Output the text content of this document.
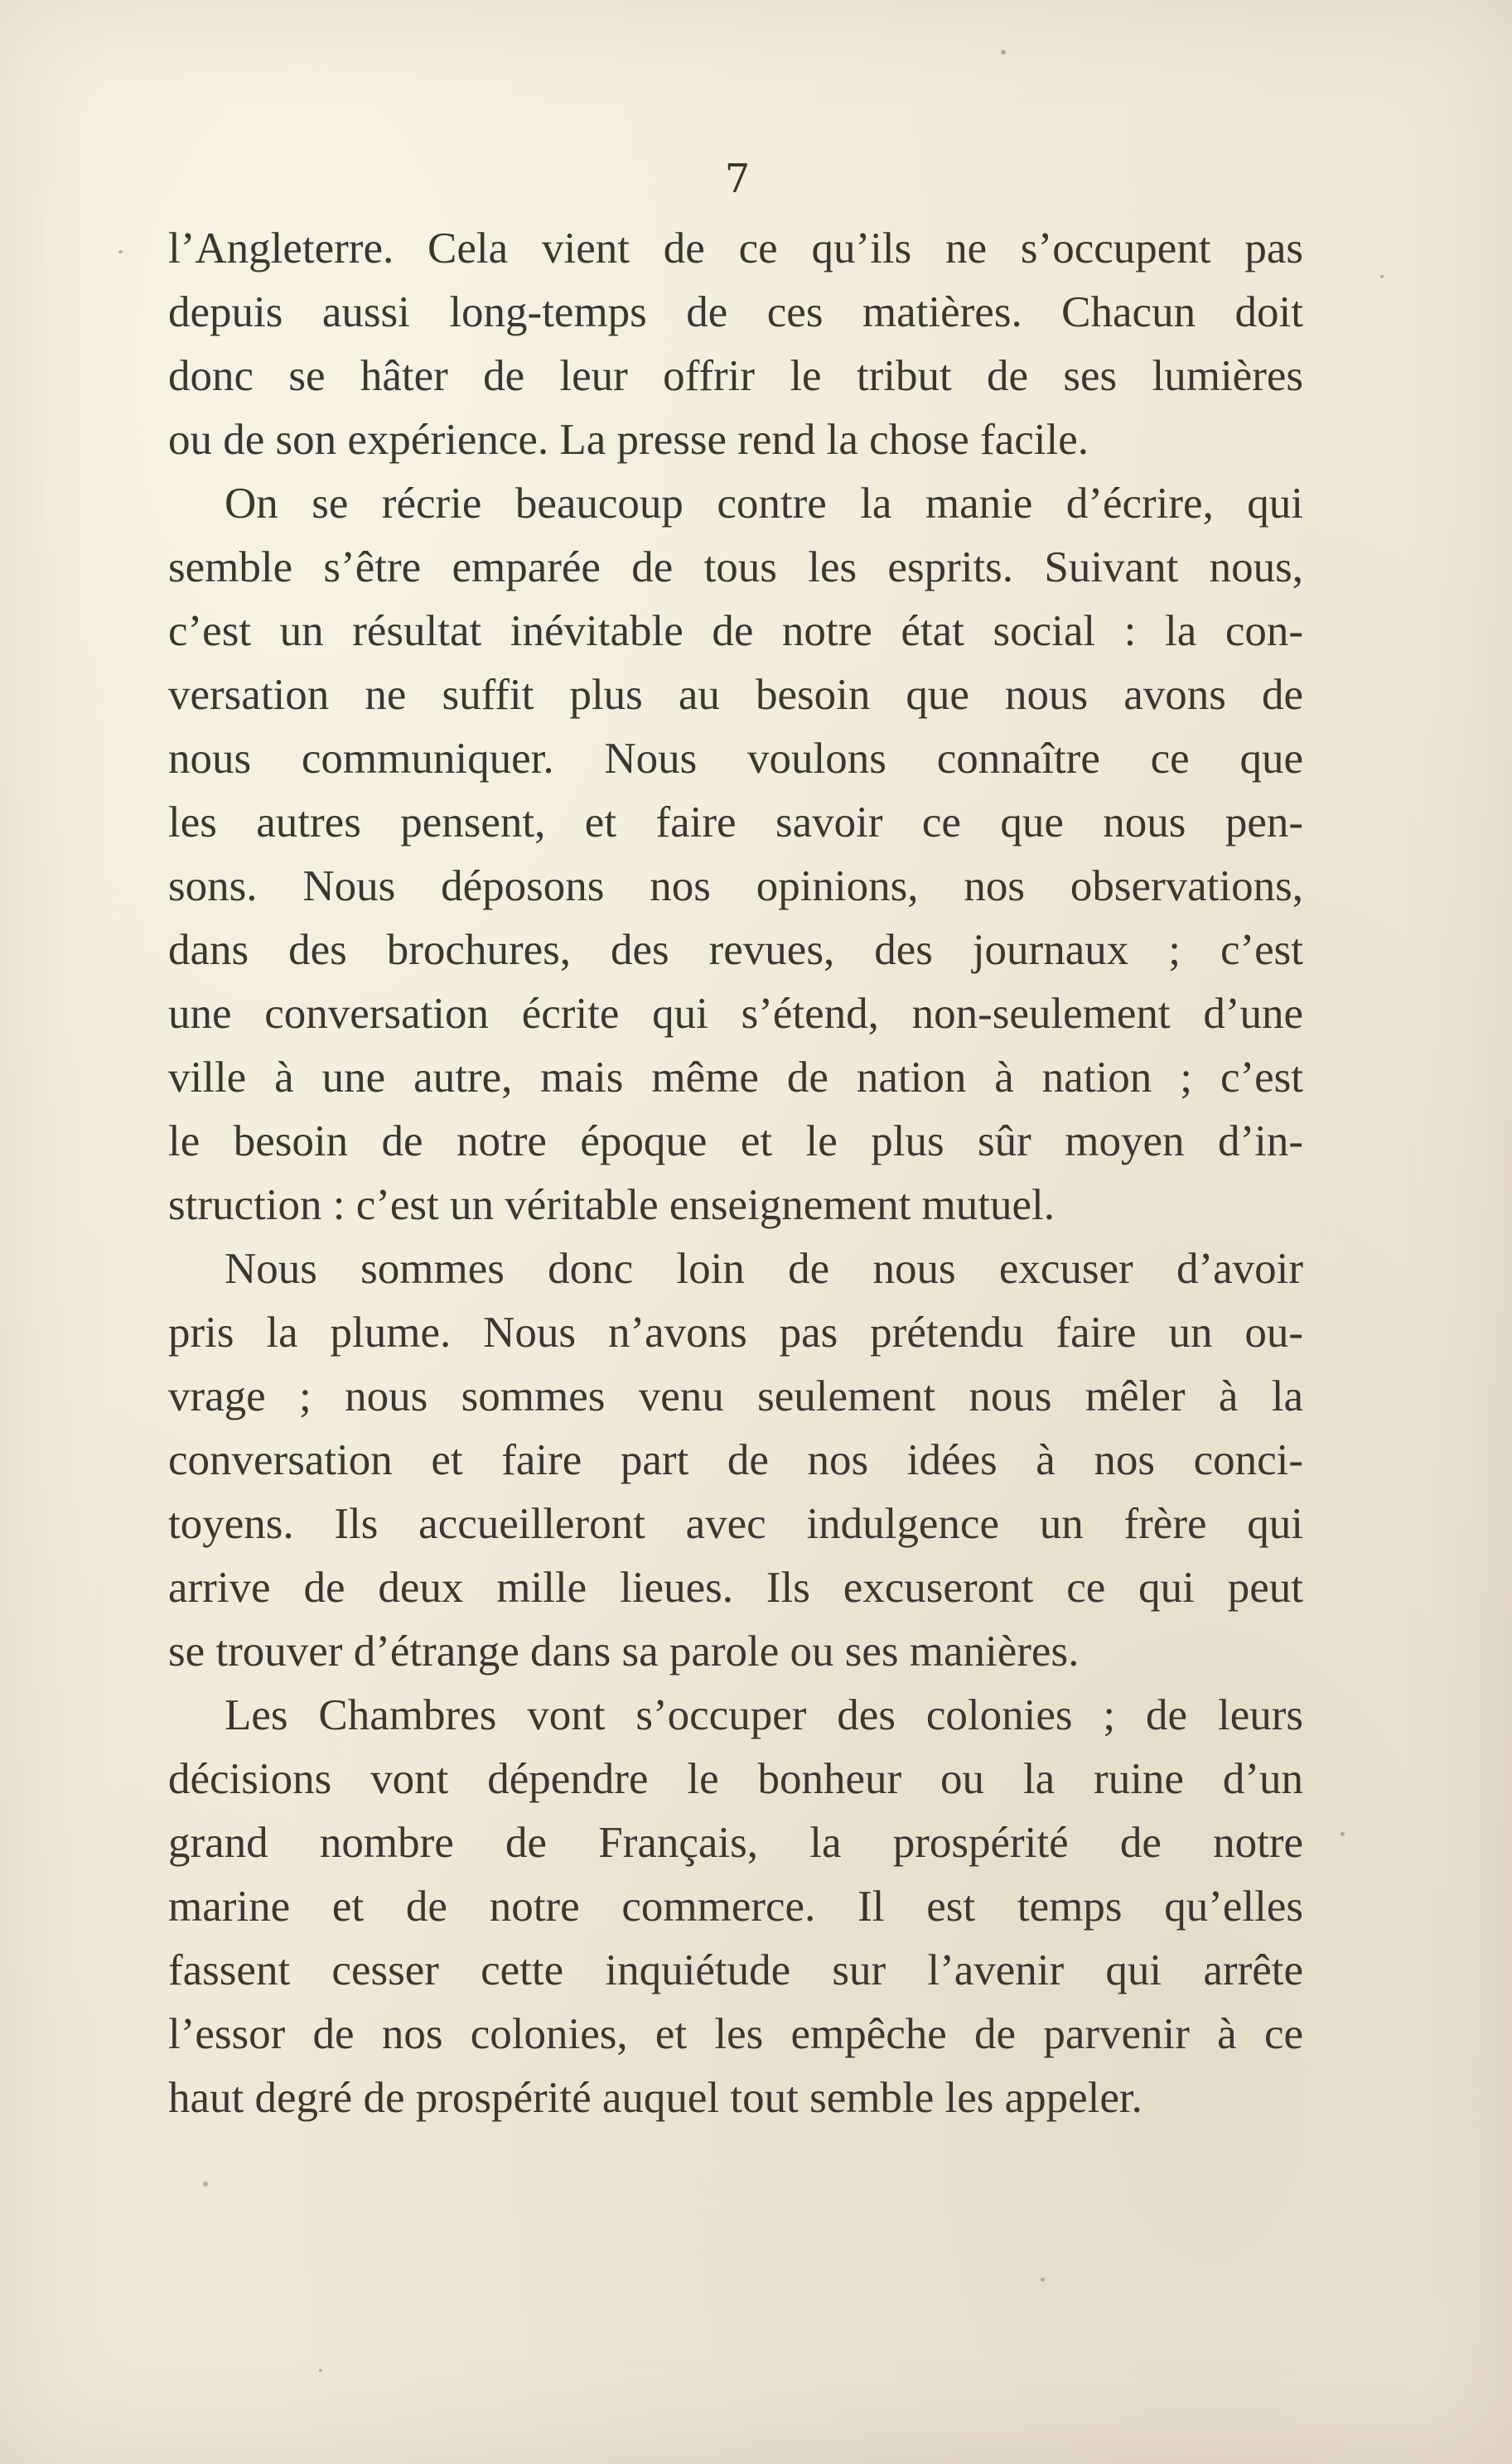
7
l’Angleterre. Cela vient de ce qu’ils ne s’occupent pas
depuis aussi long-temps de ces matières. Chacun doit
donc se hâter de leur offrir le tribut de ses lumières
ou de son expérience. La presse rend la chose facile.
On se récrie beaucoup contre la manie d’écrire, qui
semble s’être emparée de tous les esprits. Suivant nous,
c’est un résultat inévitable de notre état social : la con-
versation ne suffit plus au besoin que nous avons de
nous communiquer. Nous voulons connaître ce que
les autres pensent, et faire savoir ce que nous pen-
sons. Nous déposons nos opinions, nos observations,
dans des brochures, des revues, des journaux ; c’est
une conversation écrite qui s’étend, non-seulement d’une
ville à une autre, mais même de nation à nation ; c’est
le besoin de notre époque et le plus sûr moyen d’in-
struction : c’est un véritable enseignement mutuel.
Nous sommes donc loin de nous excuser d’avoir
pris la plume. Nous n’avons pas prétendu faire un ou-
vrage ; nous sommes venu seulement nous mêler à la
conversation et faire part de nos idées à nos conci-
toyens. Ils accueilleront avec indulgence un frère qui
arrive de deux mille lieues. Ils excuseront ce qui peut
se trouver d’étrange dans sa parole ou ses manières.
Les Chambres vont s’occuper des colonies ; de leurs
décisions vont dépendre le bonheur ou la ruine d’un
grand nombre de Français, la prospérité de notre
marine et de notre commerce. Il est temps qu’elles
fassent cesser cette inquiétude sur l’avenir qui arrête
l’essor de nos colonies, et les empêche de parvenir à ce
haut degré de prospérité auquel tout semble les appeler.
